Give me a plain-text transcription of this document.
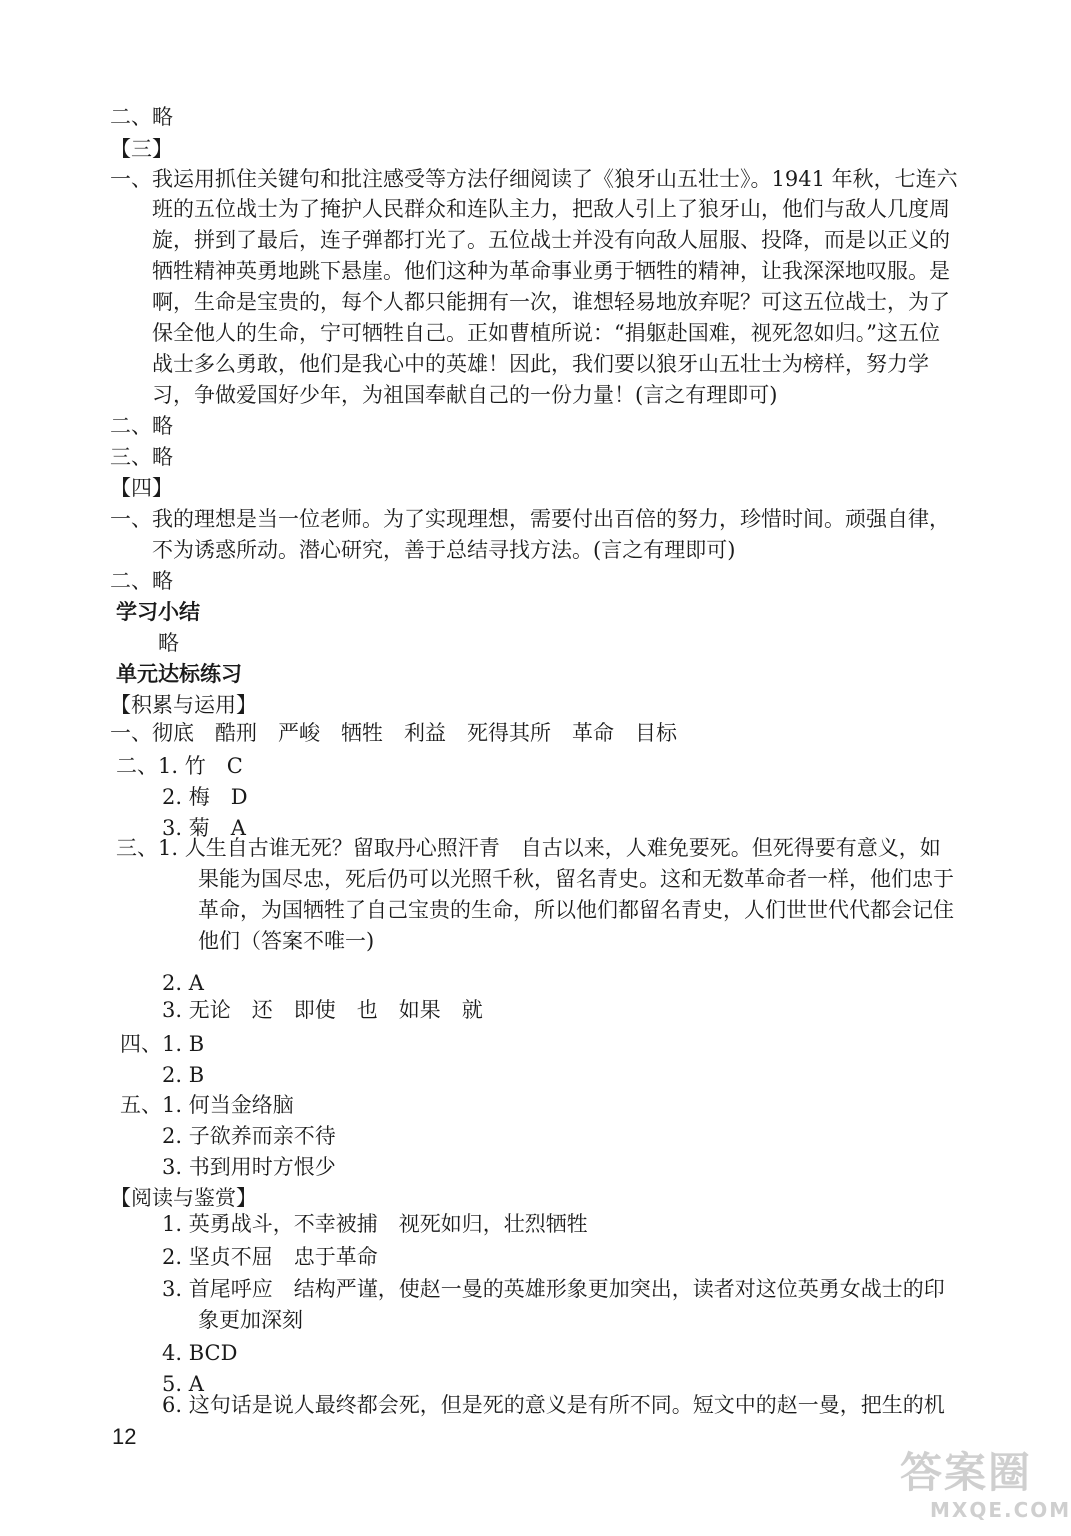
二、略
【三】
一、我运用抓住关键句和批注感受等方法仔细阅读了《狼牙山五壮士》。1941 年秋，七连六
班的五位战士为了掩护人民群众和连队主力，把敌人引上了狼牙山，他们与敌人几度周
旋，拼到了最后，连子弹都打光了。五位战士并没有向敌人屈服、投降，而是以正义的
牺牲精神英勇地跳下悬崖。他们这种为革命事业勇于牺牲的精神，让我深深地叹服。是
啊，生命是宝贵的，每个人都只能拥有一次，谁想轻易地放弃呢？可这五位战士，为了
保全他人的生命，宁可牺牲自己。正如曹植所说：“捐躯赴国难，视死忽如归。”这五位
战士多么勇敢，他们是我心中的英雄！因此，我们要以狼牙山五壮士为榜样，努力学
习，争做爱国好少年，为祖国奉献自己的一份力量！(言之有理即可)
二、略
三、略
【四】
一、我的理想是当一位老师。为了实现理想，需要付出百倍的努力，珍惜时间。顽强自律，
不为诱惑所动。潜心研究，善于总结寻找方法。(言之有理即可)
二、略
学习小结
略
单元达标练习
【积累与运用】
一、彻底　酷刑　严峻　牺牲　利益　死得其所　革命　目标
二、1. 竹　C
2. 梅　D
3. 菊　A
三、1. 人生自古谁无死？留取丹心照汗青　自古以来，人难免要死。但死得要有意义，如
果能为国尽忠，死后仍可以光照千秋，留名青史。这和无数革命者一样，他们忠于
革命，为国牺牲了自己宝贵的生命，所以他们都留名青史，人们世世代代都会记住
他们（答案不唯一)
2. A
3. 无论　还　即使　也　如果　就
四、1. B
2. B
五、1. 何当金络脑
2. 子欲养而亲不待
3. 书到用时方恨少
【阅读与鉴赏】
1. 英勇战斗，不幸被捕　视死如归，壮烈牺牲
2. 坚贞不屈　忠于革命
3. 首尾呼应　结构严谨，使赵一曼的英雄形象更加突出，读者对这位英勇女战士的印
象更加深刻
4. BCD
5. A
6. 这句话是说人最终都会死，但是死的意义是有所不同。短文中的赵一曼，把生的机
12
答案圈
MXQE.COM
